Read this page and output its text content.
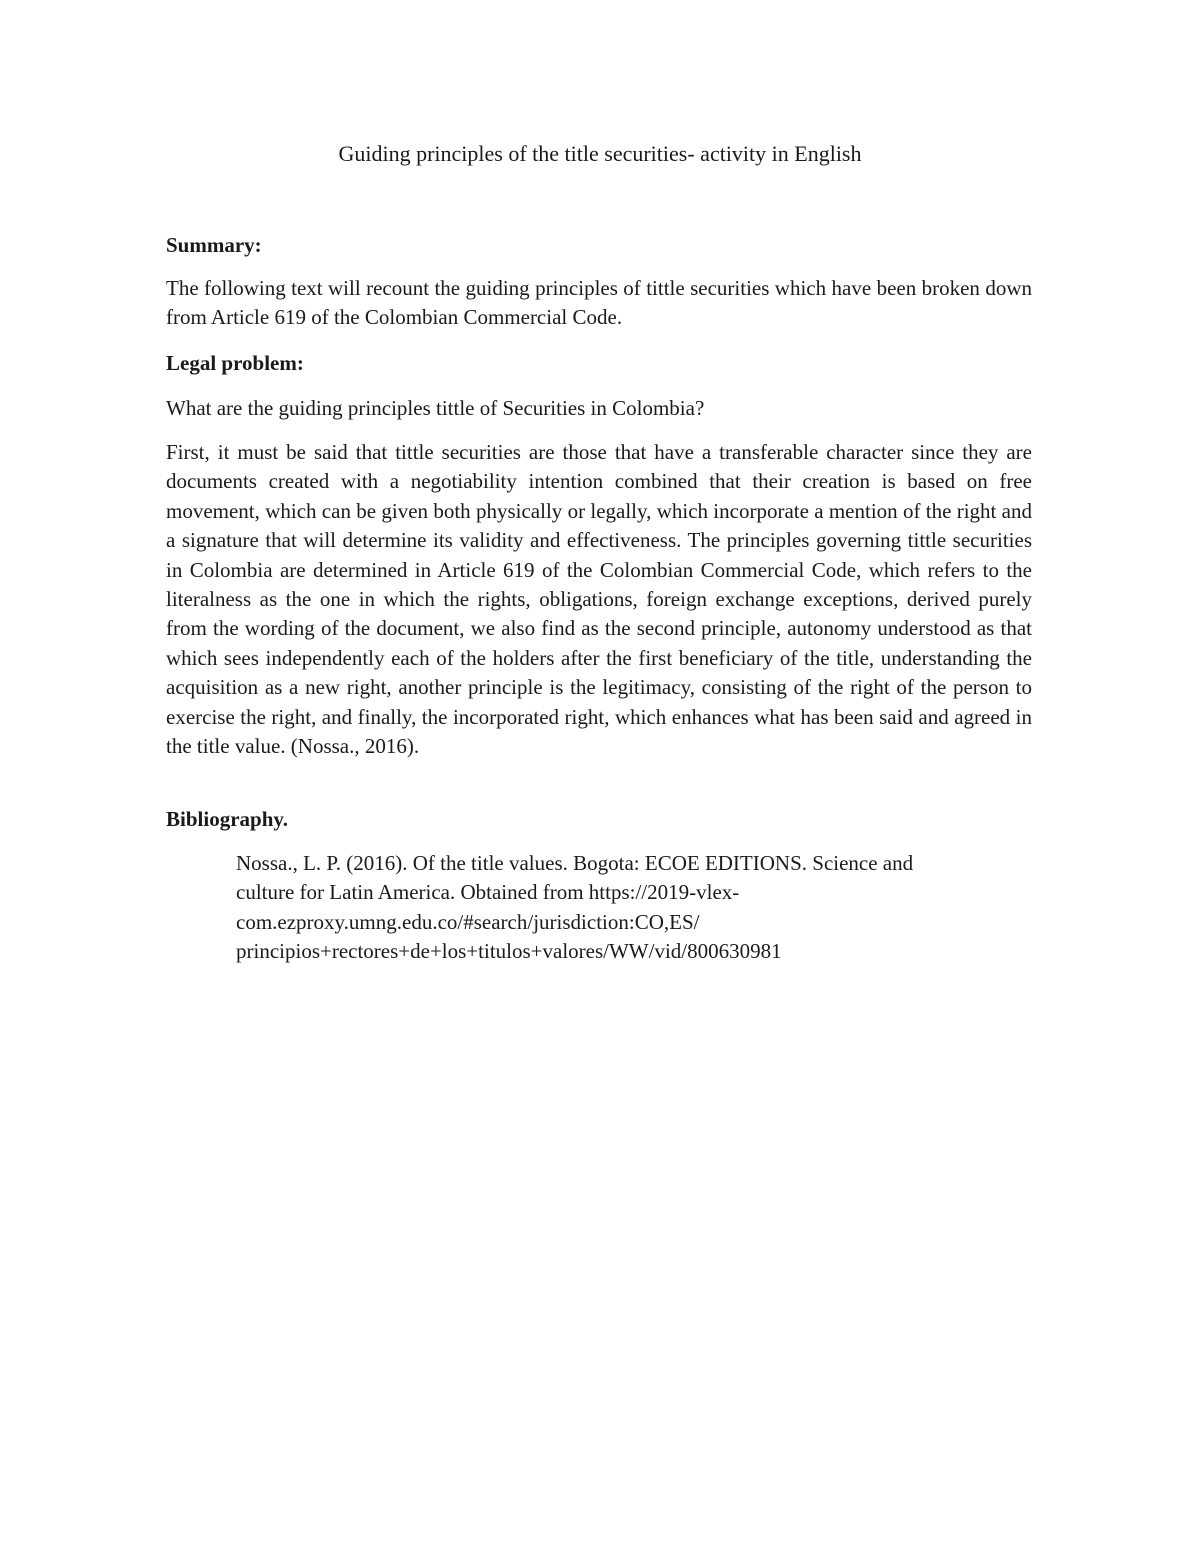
Guiding principles of the title securities- activity in English
Summary:
The following text will recount the guiding principles of tittle securities which have been broken down from Article 619 of the Colombian Commercial Code.
Legal problem:
What are the guiding principles tittle of Securities in Colombia?
First, it must be said that tittle securities are those that have a transferable character since they are documents created with a negotiability intention combined that their creation is based on free movement, which can be given both physically or legally, which incorporate a mention of the right and a signature that will determine its validity and effectiveness. The principles governing tittle securities in Colombia are determined in Article 619 of the Colombian Commercial Code, which refers to the literalness as the one in which the rights, obligations, foreign exchange exceptions, derived purely from the wording of the document, we also find as the second principle, autonomy understood as that which sees independently each of the holders after the first beneficiary of the title, understanding the acquisition as a new right, another principle is the legitimacy, consisting of the right of the person to exercise the right, and finally, the incorporated right, which enhances what has been said and agreed in the title value. (Nossa., 2016).
Bibliography.
Nossa., L. P. (2016). Of the title values. Bogota: ECOE EDITIONS. Science and
culture for Latin America. Obtained from https://2019-vlex-
com.ezproxy.umng.edu.co/#search/jurisdiction:CO,ES/
principios+rectores+de+los+titulos+valores/WW/vid/800630981
